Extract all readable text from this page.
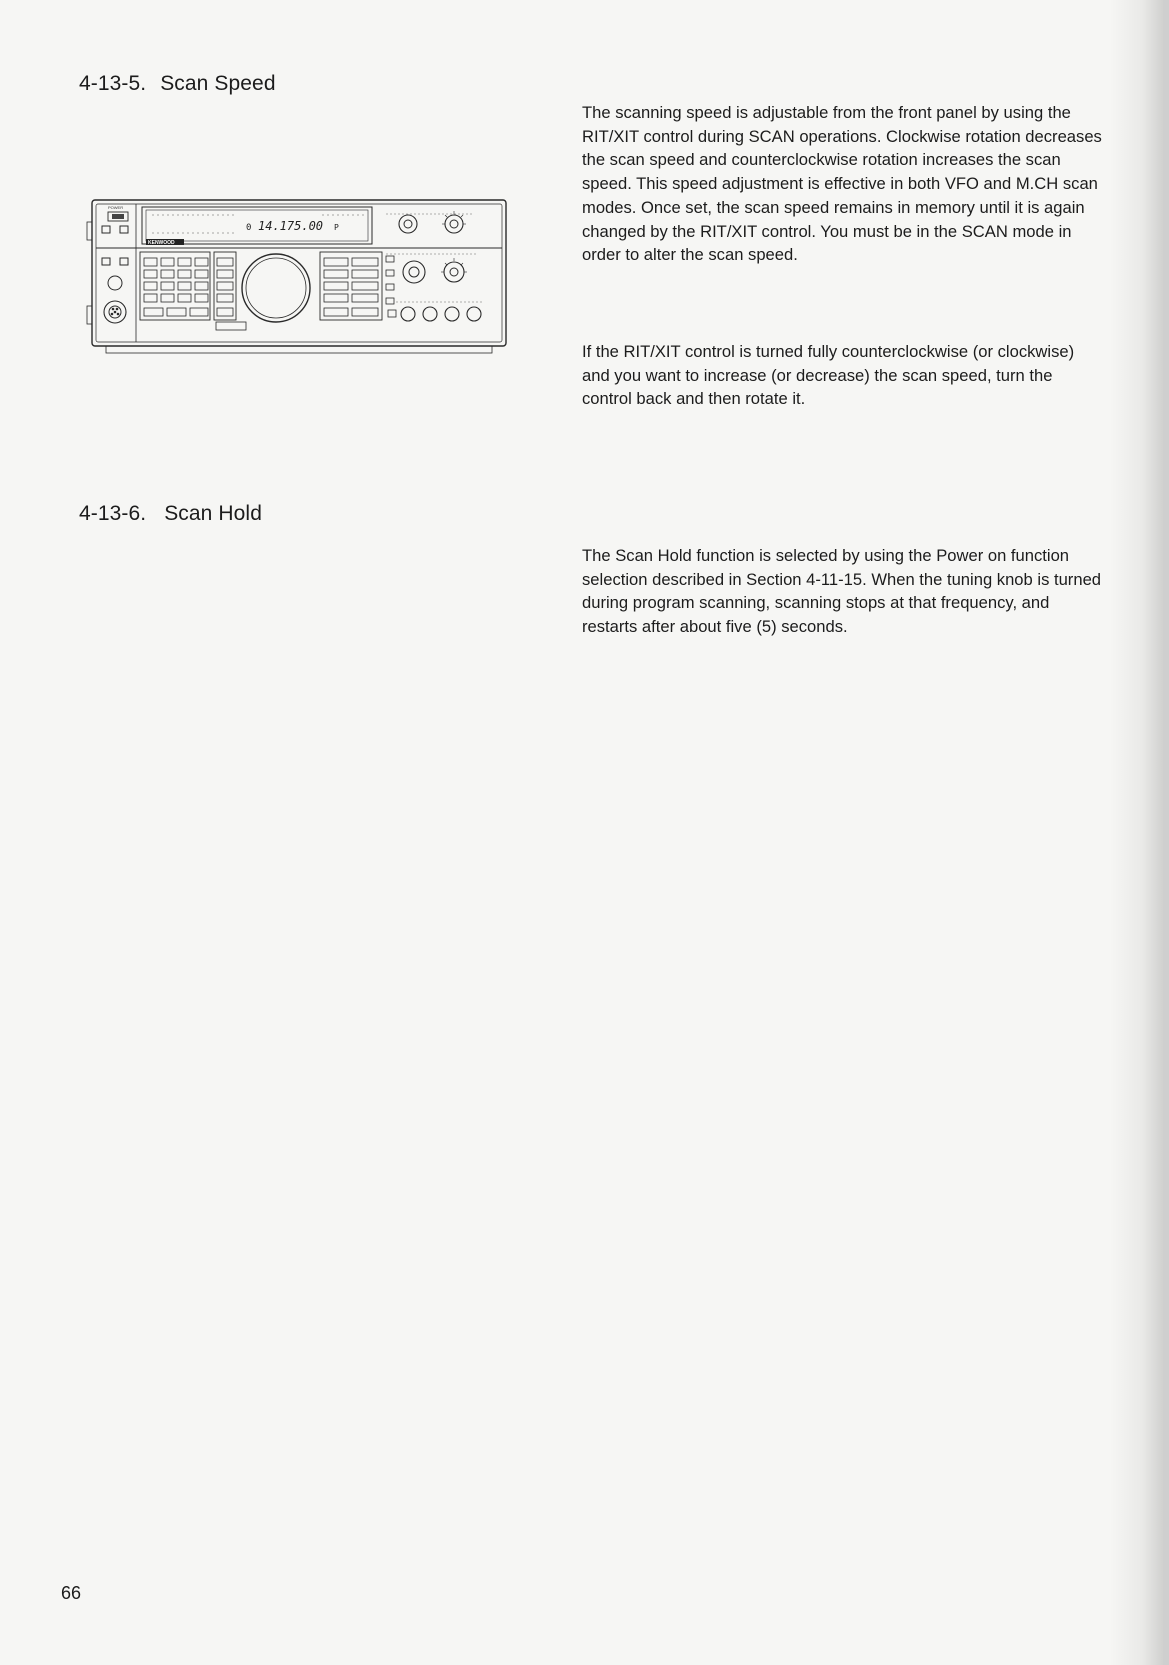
4-13-5. Scan Speed

The scanning speed is adjustable from the front panel by using the RIT/XIT control during SCAN operations. Clockwise rotation decreases the scan speed and counterclockwise rotation increases the scan speed. This speed adjustment is effective in both VFO and M.CH scan modes. Once set, the scan speed remains in memory until it is again changed by the RIT/XIT control. You must be in the SCAN mode in order to alter the scan speed.

If the RIT/XIT control is turned fully counterclockwise (or clockwise) and you want to increase (or decrease) the scan speed, turn the control back and then rotate it.

POWER
14.175.00
0	P
KENWOOD
4-13-6. Scan Hold

The Scan Hold function is selected by using the Power on function selection described in Section 4-11-15. When the tuning knob is turned during program scanning, scanning stops at that frequency, and restarts after about five (5) seconds.

66
